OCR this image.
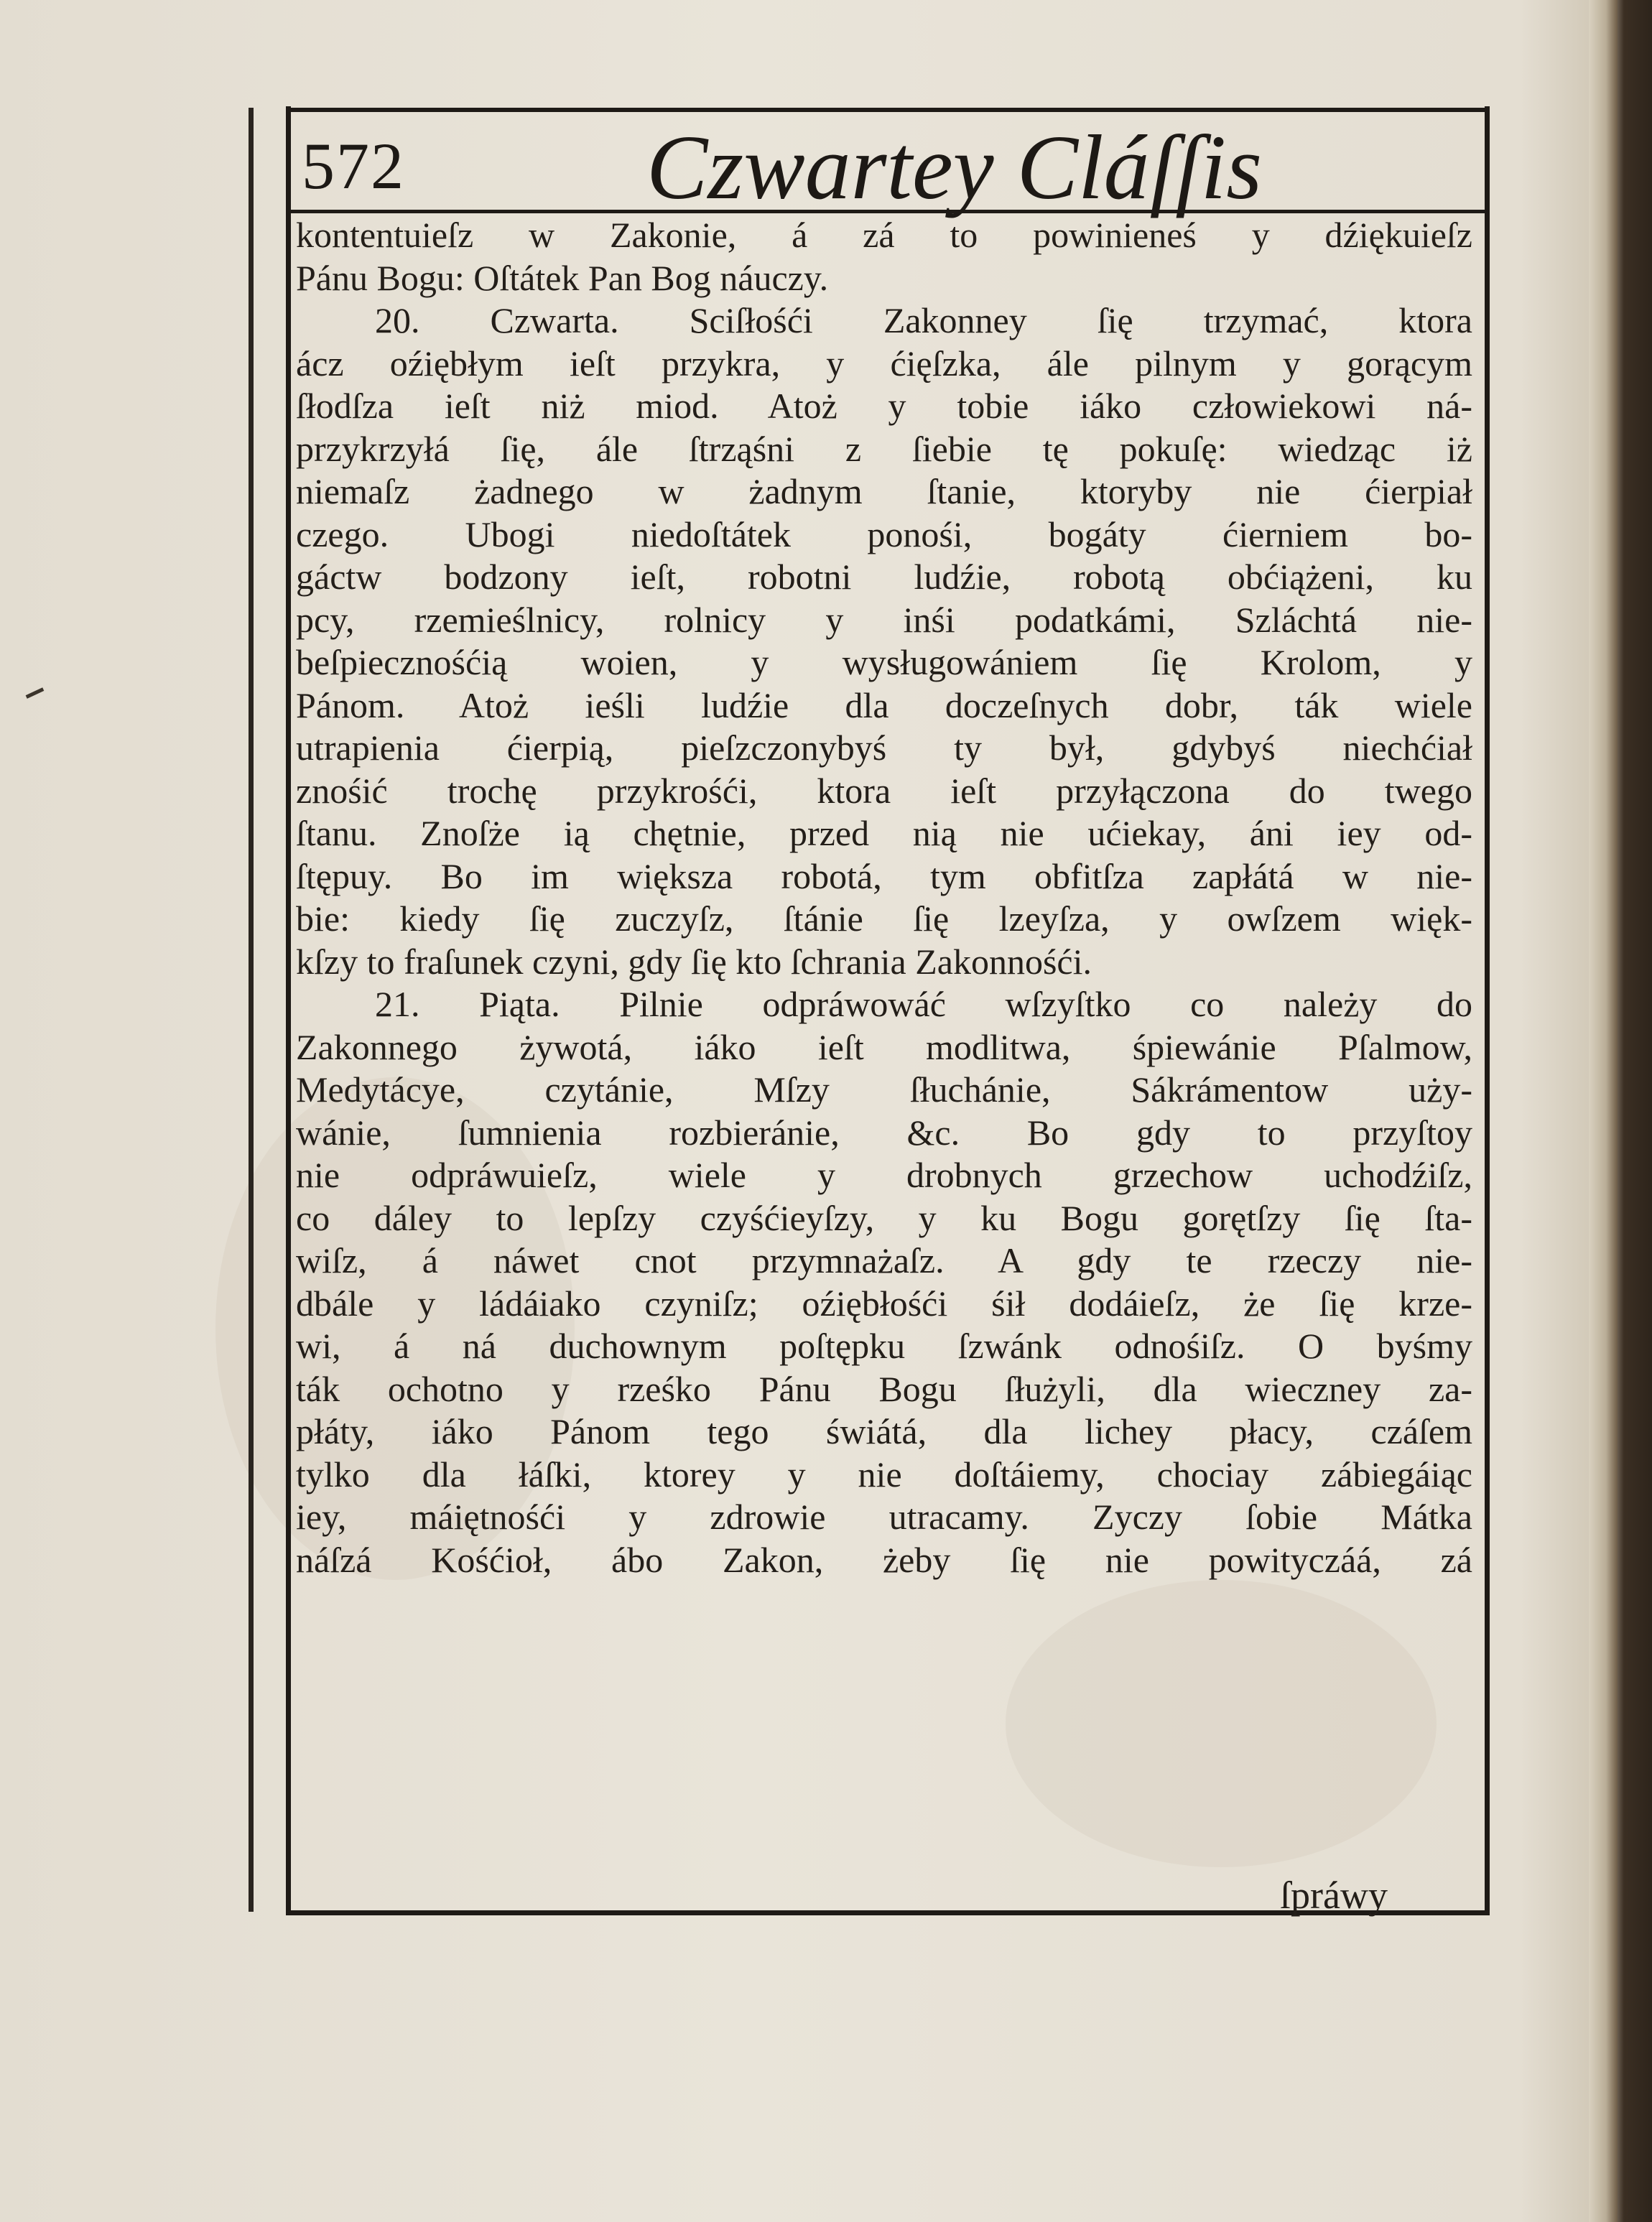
572	Czwartey Cláſſis
kontentuieſz w Zakonie, á zá to powinieneś y dźiękuieſz
Pánu Bogu: Oſtátek Pan Bog náuczy.
20. Czwarta. Sciſłośći Zakonney ſię trzymać, ktora
ácz oźiębłym ieſt przykra, y ćięſzka, ále pilnym y gorącym
ſłodſza ieſt niż miod. Atoż y tobie iáko człowiekowi ná-
przykrzyłá ſię, ále ſtrząśni z ſiebie tę pokuſę: wiedząc iż
niemaſz żadnego w żadnym ſtanie, ktoryby nie ćierpiał
czego. Ubogi niedoſtátek ponośi, bogáty ćierniem bo-
gáctw bodzony ieſt, robotni ludźie, robotą obćiążeni, ku
pcy, rzemieślnicy, rolnicy y inśi podatkámi, Szláchtá nie-
beſpiecznośćią woien, y wysługowániem ſię Krolom, y
Pánom. Atoż ieśli ludźie dla doczeſnych dobr, ták wiele
utrapienia ćierpią, pieſzczonybyś ty był, gdybyś niechćiał
znośić trochę przykrośći, ktora ieſt przyłączona do twego
ſtanu. Znoſże ią chętnie, przed nią nie ućiekay, áni iey od-
ſtępuy. Bo im większa robotá, tym obfitſza zapłátá w nie-
bie: kiedy ſię zuczyſz, ſtánie ſię lzeyſza, y owſzem więk-
kſzy to fraſunek czyni, gdy ſię kto ſchrania Zakonnośći.
21. Piąta. Pilnie odpráwowáć wſzyſtko co należy do
Zakonnego żywotá, iáko ieſt modlitwa, śpiewánie Pſalmow,
Medytácye, czytánie, Mſzy ſłuchánie, Sákrámentow uży-
wánie, ſumnienia rozbieránie, &c. Bo gdy to przyſtoy
nie odpráwuieſz, wiele y drobnych grzechow uchodźiſz,
co dáley to lepſzy czyśćieyſzy, y ku Bogu gorętſzy ſię ſta-
wiſz, á náwet cnot przymnażaſz. A gdy te rzeczy nie-
dbále y ládáiako czyniſz; oźiębłośći śił dodáieſz, że ſię krze-
wi, á ná duchownym poſtępku ſzwánk odnośiſz. O byśmy
ták ochotno y rześko Pánu Bogu ſłużyli, dla wieczney za-
płáty, iáko Pánom tego świátá, dla lichey płacy, czáſem
tylko dla łáſki, ktorey y nie doſtáiemy, chociay zábiegáiąc
iey, máiętnośći y zdrowie utracamy. Zyczy ſobie Mátka
náſzá Kośćioł, ábo Zakon, żeby ſię nie powityczáá, zá
ſpráwy
